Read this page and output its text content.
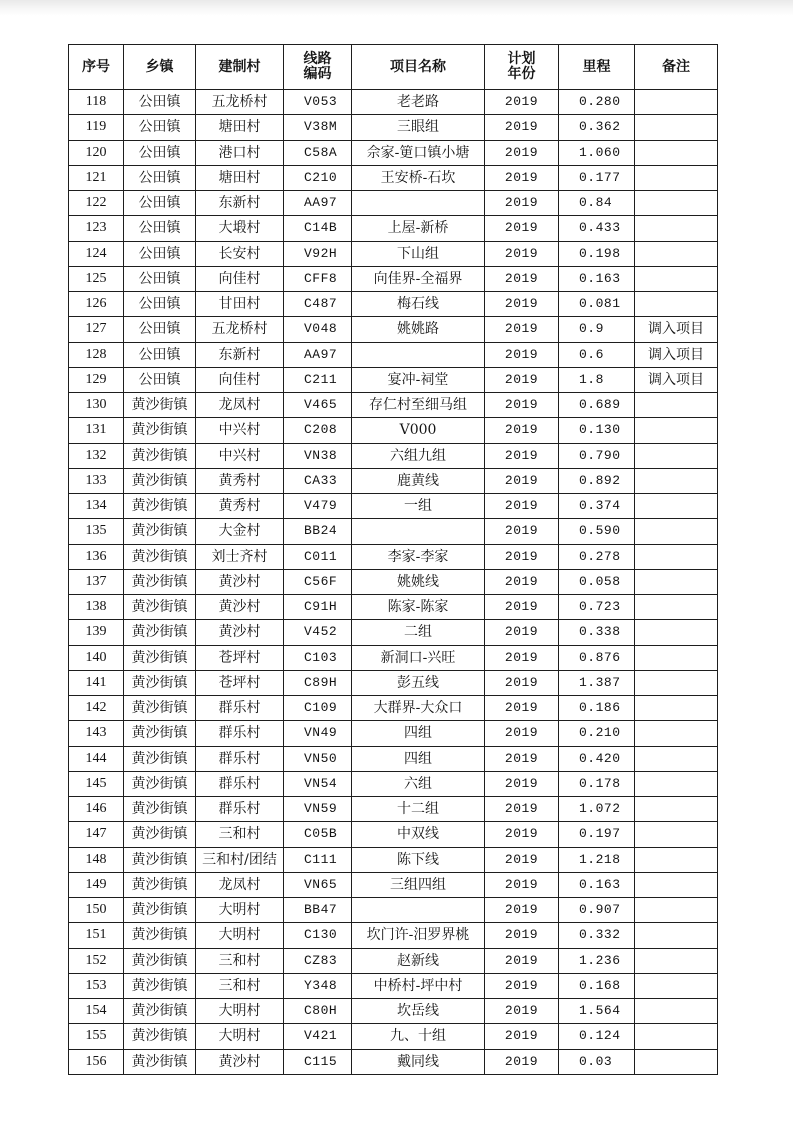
序号	乡镇	建制村	线路编码	项目名称	计划年份	里程	备注
118	公田镇	五龙桥村	V053	老老路	2019	0.280	
119	公田镇	塘田村	V38M	三眼组	2019	0.362	
120	公田镇	港口村	C58A	佘家-筻口镇小塘	2019	1.060	
121	公田镇	塘田村	C210	王安桥-石坎	2019	0.177	
122	公田镇	东新村	AA97		2019	0.84	
123	公田镇	大塅村	C14B	上屋-新桥	2019	0.433	
124	公田镇	长安村	V92H	下山组	2019	0.198	
125	公田镇	向佳村	CFF8	向佳界-全福界	2019	0.163	
126	公田镇	甘田村	C487	梅石线	2019	0.081	
127	公田镇	五龙桥村	V048	姚姚路	2019	0.9	调入项目
128	公田镇	东新村	AA97		2019	0.6	调入项目
129	公田镇	向佳村	C211	宴冲-祠堂	2019	1.8	调入项目
130	黄沙街镇	龙凤村	V465	存仁村至细马组	2019	0.689	
131	黄沙街镇	中兴村	C208	V000	2019	0.130	
132	黄沙街镇	中兴村	VN38	六组九组	2019	0.790	
133	黄沙街镇	黄秀村	CA33	鹿黄线	2019	0.892	
134	黄沙街镇	黄秀村	V479	一组	2019	0.374	
135	黄沙街镇	大金村	BB24		2019	0.590	
136	黄沙街镇	刘士齐村	C011	李家-李家	2019	0.278	
137	黄沙街镇	黄沙村	C56F	姚姚线	2019	0.058	
138	黄沙街镇	黄沙村	C91H	陈家-陈家	2019	0.723	
139	黄沙街镇	黄沙村	V452	二组	2019	0.338	
140	黄沙街镇	苍坪村	C103	新洞口-兴旺	2019	0.876	
141	黄沙街镇	苍坪村	C89H	彭五线	2019	1.387	
142	黄沙街镇	群乐村	C109	大群界-大众口	2019	0.186	
143	黄沙街镇	群乐村	VN49	四组	2019	0.210	
144	黄沙街镇	群乐村	VN50	四组	2019	0.420	
145	黄沙街镇	群乐村	VN54	六组	2019	0.178	
146	黄沙街镇	群乐村	VN59	十二组	2019	1.072	
147	黄沙街镇	三和村	C05B	中双线	2019	0.197	
148	黄沙街镇	三和村/团结	C111	陈下线	2019	1.218	
149	黄沙街镇	龙凤村	VN65	三组四组	2019	0.163	
150	黄沙街镇	大明村	BB47		2019	0.907	
151	黄沙街镇	大明村	C130	坎门许-汨罗界桃	2019	0.332	
152	黄沙街镇	三和村	CZ83	赵新线	2019	1.236	
153	黄沙街镇	三和村	Y348	中桥村-坪中村	2019	0.168	
154	黄沙街镇	大明村	C80H	坎岳线	2019	1.564	
155	黄沙街镇	大明村	V421	九、十组	2019	0.124	
156	黄沙街镇	黄沙村	C115	戴同线	2019	0.03	
